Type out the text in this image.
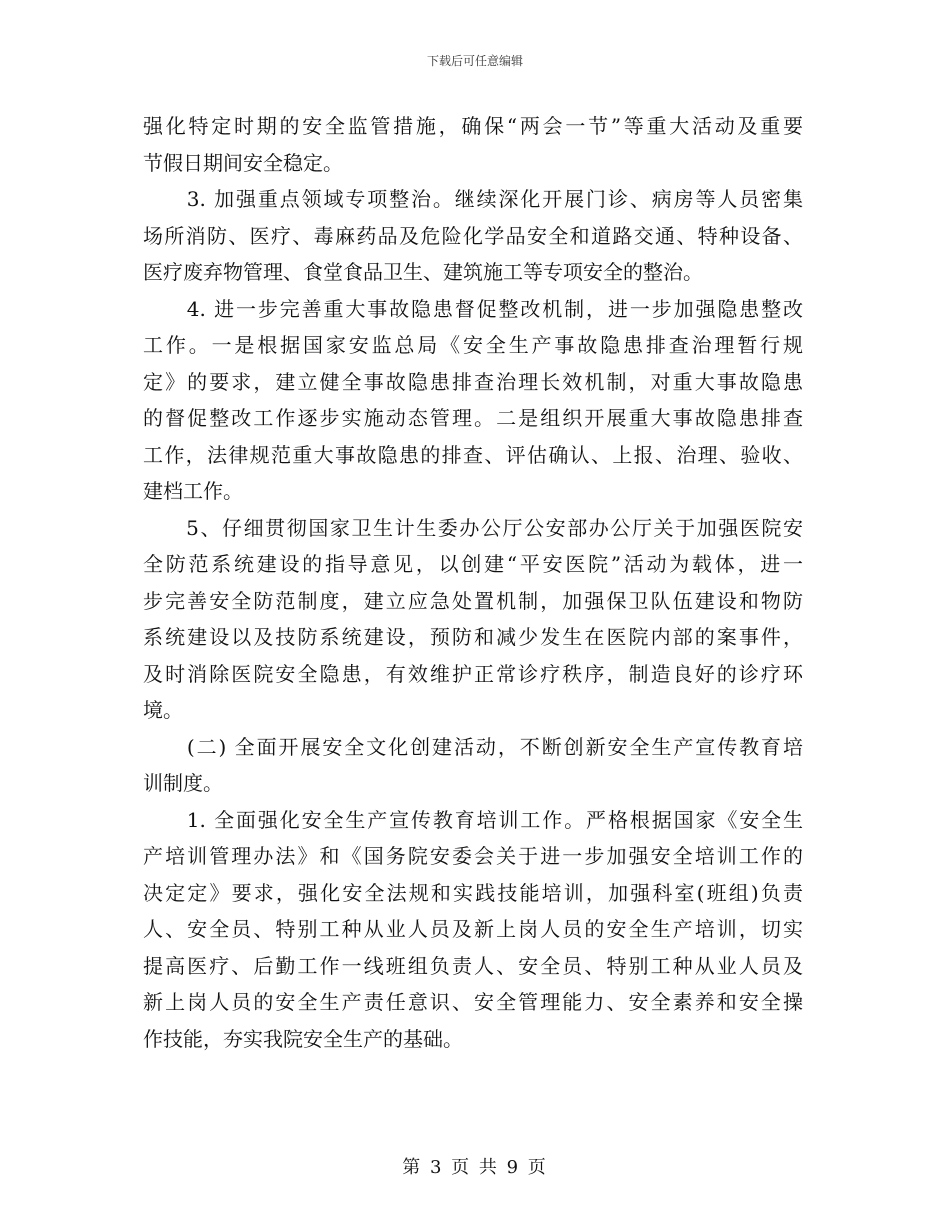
下载后可任意编辑
强化特定时期的安全监管措施，确保“两会一节”等重大活动及重要
节假日期间安全稳定。
　　3. 加强重点领域专项整治。继续深化开展门诊、病房等人员密集
场所消防、医疗、毒麻药品及危险化学品安全和道路交通、特种设备、
医疗废弃物管理、食堂食品卫生、建筑施工等专项安全的整治。
　　4. 进一步完善重大事故隐患督促整改机制，进一步加强隐患整改
工作。一是根据国家安监总局《安全生产事故隐患排查治理暂行规
定》的要求，建立健全事故隐患排查治理长效机制，对重大事故隐患
的督促整改工作逐步实施动态管理。二是组织开展重大事故隐患排查
工作，法律规范重大事故隐患的排查、评估确认、上报、治理、验收、
建档工作。
　　5、仔细贯彻国家卫生计生委办公厅公安部办公厅关于加强医院安
全防范系统建设的指导意见，以创建“平安医院”活动为载体，进一
步完善安全防范制度，建立应急处置机制，加强保卫队伍建设和物防
系统建设以及技防系统建设，预防和减少发生在医院内部的案事件，
及时消除医院安全隐患，有效维护正常诊疗秩序，制造良好的诊疗环
境。
　　(二) 全面开展安全文化创建活动，不断创新安全生产宣传教育培
训制度。
　　1. 全面强化安全生产宣传教育培训工作。严格根据国家《安全生
产培训管理办法》和《国务院安委会关于进一步加强安全培训工作的
决定定》要求，强化安全法规和实践技能培训，加强科室(班组)负责
人、安全员、特别工种从业人员及新上岗人员的安全生产培训，切实
提高医疗、后勤工作一线班组负责人、安全员、特别工种从业人员及
新上岗人员的安全生产责任意识、安全管理能力、安全素养和安全操
作技能，夯实我院安全生产的基础。
第 3 页 共 9 页
